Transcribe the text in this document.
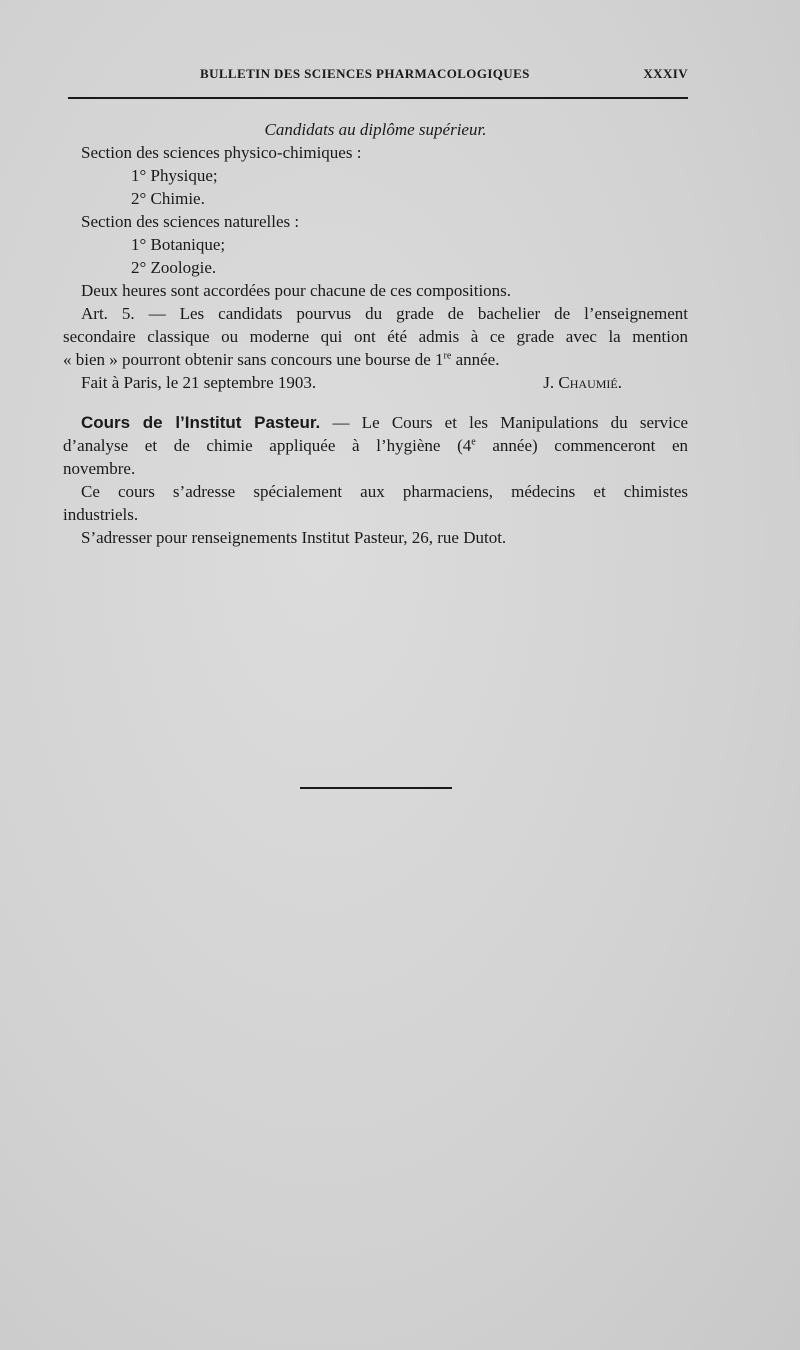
BULLETIN DES SCIENCES PHARMACOLOGIQUES	XXXIV
Candidats au diplôme supérieur.
Section des sciences physico-chimiques :
1° Physique;
2° Chimie.
Section des sciences naturelles :
1° Botanique;
2° Zoologie.
Deux heures sont accordées pour chacune de ces compositions.
Art. 5. — Les candidats pourvus du grade de bachelier de l’enseignement
secondaire classique ou moderne qui ont été admis à ce grade avec la mention
« bien » pourront obtenir sans concours une bourse de 1re année.
Fait à Paris, le 21 septembre 1903.	J. Chaumié.
Cours de l’Institut Pasteur. — Le Cours et les Manipulations du service
d’analyse et de chimie appliquée à l’hygiène (4e année) commenceront en
novembre.
Ce cours s’adresse spécialement aux pharmaciens, médecins et chimistes
industriels.
S’adresser pour renseignements Institut Pasteur, 26, rue Dutot.
